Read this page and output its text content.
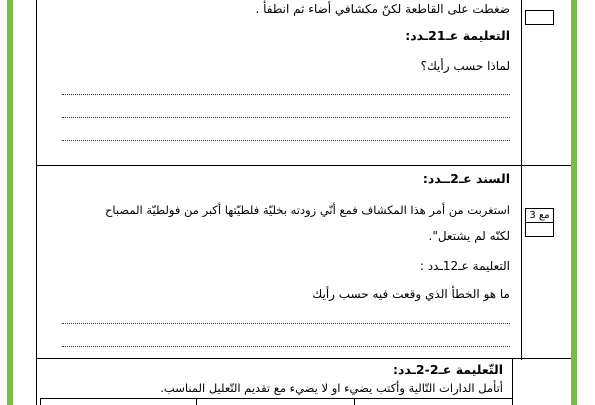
مع 3
ضغطت على القاطعة لكنّ مكشافي أضاء ثم انطفأ .
التعليمة عـ21ـدد:
لماذا حسب رأيك؟
السند عـ2ــدد:
استغربت من أمر هذا المكشاف فمع أنّي زودته بخليّة فلطيّتها أكبر من فولطيّة المصباح
لكنّه لم يشتعل".
التعليمة عـ12ـدد :
ما هو الخطأ الذي وقعت فيه حسب رأيك
التّعليمة عـ2-2ـدد:
أتأمل الدارات التّالية وأكتب يضيء او لا يضيء مع تقديم التّعليل المناسب.
